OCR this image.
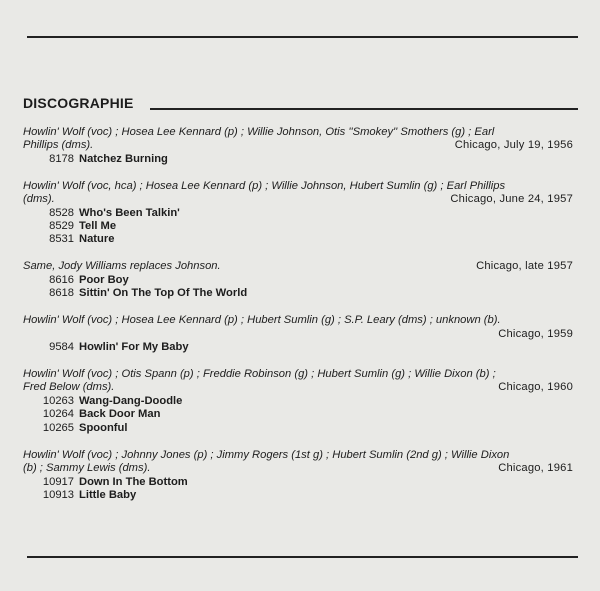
DISCOGRAPHIE
Howlin' Wolf (voc) ; Hosea Lee Kennard (p) ; Willie Johnson, Otis ''Smokey'' Smothers (g) ; Earl
Phillips (dms).	Chicago, July 19, 1956
8178 Natchez Burning
Howlin' Wolf (voc, hca) ; Hosea Lee Kennard (p) ; Willie Johnson, Hubert Sumlin (g) ; Earl Phillips
(dms).	Chicago, June 24, 1957
8528 Who's Been Talkin'
8529 Tell Me
8531 Nature
Same, Jody Williams replaces Johnson.	Chicago, late 1957
8616 Poor Boy
8618 Sittin' On The Top Of The World
Howlin' Wolf (voc) ; Hosea Lee Kennard (p) ; Hubert Sumlin (g) ; S.P. Leary (dms) ; unknown (b).
Chicago, 1959

9584 Howlin' For My Baby
Howlin' Wolf (voc) ; Otis Spann (p) ; Freddie Robinson (g) ; Hubert Sumlin (g) ; Willie Dixon (b) ;
Fred Below (dms).	Chicago, 1960
10263 Wang-Dang-Doodle
10264 Back Door Man
10265 Spoonful
Howlin' Wolf (voc) ; Johnny Jones (p) ; Jimmy Rogers (1st g) ; Hubert Sumlin (2nd g) ; Willie Dixon
(b) ; Sammy Lewis (dms).	Chicago, 1961
10917 Down In The Bottom
10913 Little Baby
